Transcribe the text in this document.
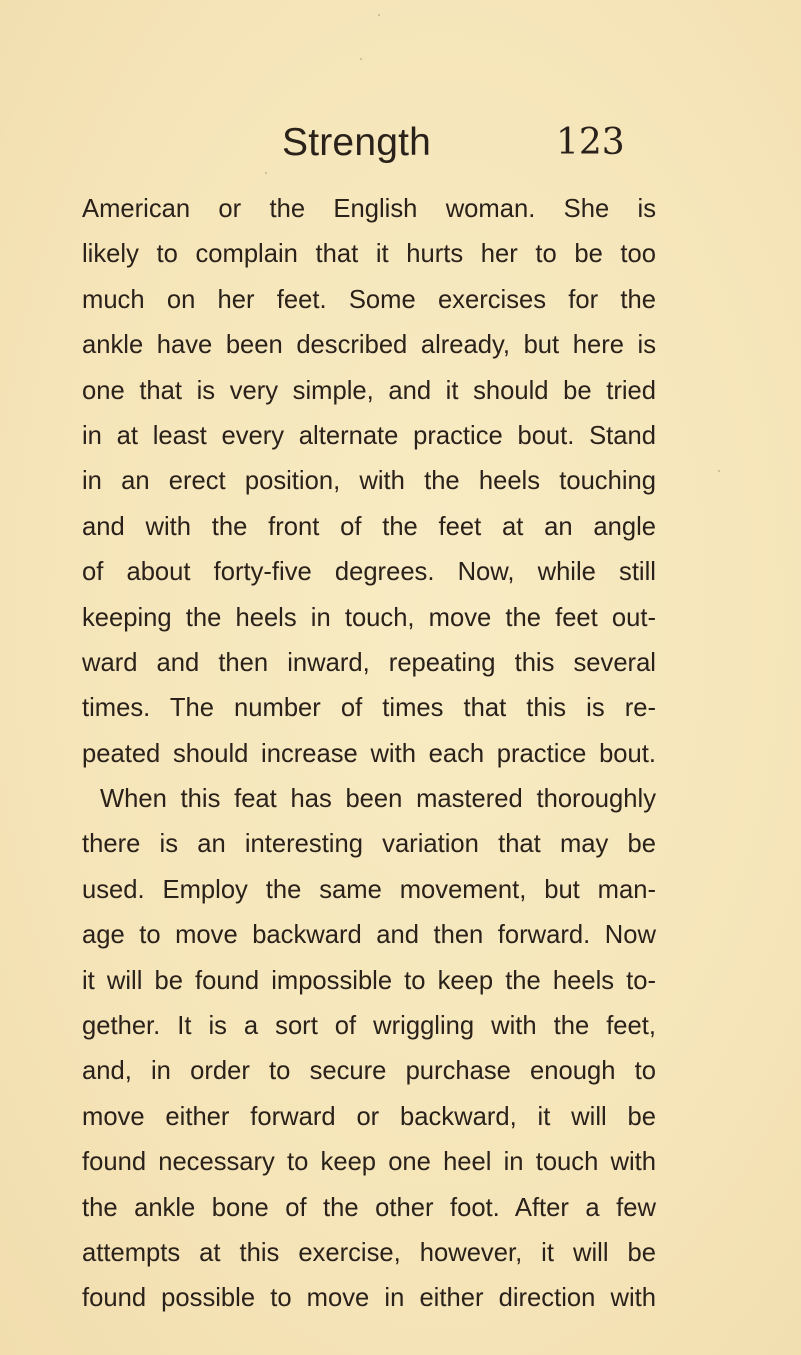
Strength	123
American or the English woman. She is
likely to complain that it hurts her to be too
much on her feet. Some exercises for the
ankle have been described already, but here is
one that is very simple, and it should be tried
in at least every alternate practice bout. Stand
in an erect position, with the heels touching
and with the front of the feet at an angle
of about forty-five degrees. Now, while still
keeping the heels in touch, move the feet out-
ward and then inward, repeating this several
times. The number of times that this is re-
peated should increase with each practice bout.
When this feat has been mastered thoroughly
there is an interesting variation that may be
used. Employ the same movement, but man-
age to move backward and then forward. Now
it will be found impossible to keep the heels to-
gether. It is a sort of wriggling with the feet,
and, in order to secure purchase enough to
move either forward or backward, it will be
found necessary to keep one heel in touch with
the ankle bone of the other foot. After a few
attempts at this exercise, however, it will be
found possible to move in either direction with
